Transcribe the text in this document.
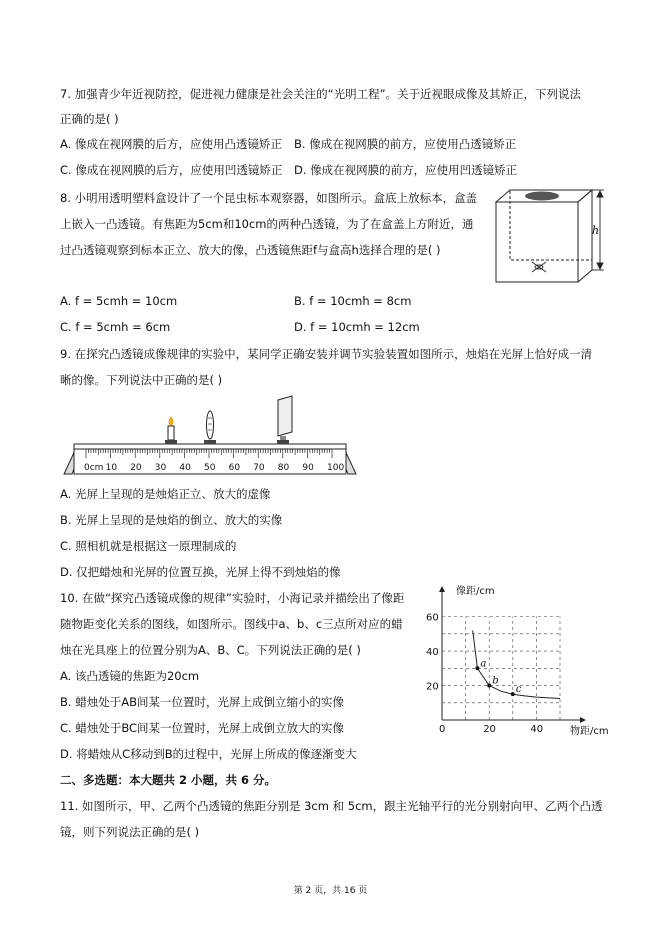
7. 加强青少年近视防控，促进视力健康是社会关注的“光明工程”。关于近视眼成像及其矫正，下列说法
正确的是( )
A. 像成在视网膜的后方，应使用凸透镜矫正 B. 像成在视网膜的前方，应使用凸透镜矫正
C. 像成在视网膜的后方，应使用凹透镜矫正 D. 像成在视网膜的前方，应使用凹透镜矫正
8. 小明用透明塑料盒设计了一个昆虫标本观察器，如图所示。盒底上放标本，盒盖
上嵌入一凸透镜。有焦距为5cm和10cm的两种凸透镜，为了在盒盖上方附近，通
过凸透镜观察到标本正立、放大的像，凸透镜焦距f与盒高h选择合理的是( )
h
A. f = 5cmh = 10cm	B. f = 10cmh = 8cm
C. f = 5cmh = 6cm	D. f = 10cmh = 12cm
9. 在探究凸透镜成像规律的实验中，某同学正确安装并调节实验装置如图所示，烛焰在光屏上恰好成一清
晰的像。下列说法中正确的是( )
0cm 10 20 30 40 50 60 70 80 90 100
A. 光屏上呈现的是烛焰正立、放大的虚像
B. 光屏上呈现的是烛焰的倒立、放大的实像
C. 照相机就是根据这一原理制成的
D. 仅把蜡烛和光屏的位置互换，光屏上得不到烛焰的像
10. 在做“探究凸透镜成像的规律”实验时，小海记录并描绘出了像距
随物距变化关系的图线，如图所示。图线中a、b、c三点所对应的蜡
烛在光具座上的位置分别为A、B、C。下列说法正确的是( )
A. 该凸透镜的焦距为20cm
B. 蜡烛处于AB间某一位置时，光屏上成倒立缩小的实像
C. 蜡烛处于BC间某一位置时，光屏上成倒立放大的实像
D. 将蜡烛从C移动到B的过程中，光屏上所成的像逐渐变大
0	20	40
20
40
60
a
b
c
像距/cm
物距/cm
二、多选题：本大题共 2 小题，共 6 分。
11. 如图所示，甲、乙两个凸透镜的焦距分别是 3cm 和 5cm，跟主光轴平行的光分别射向甲、乙两个凸透
镜，则下列说法正确的是( )
第 2 页，共 16 页
